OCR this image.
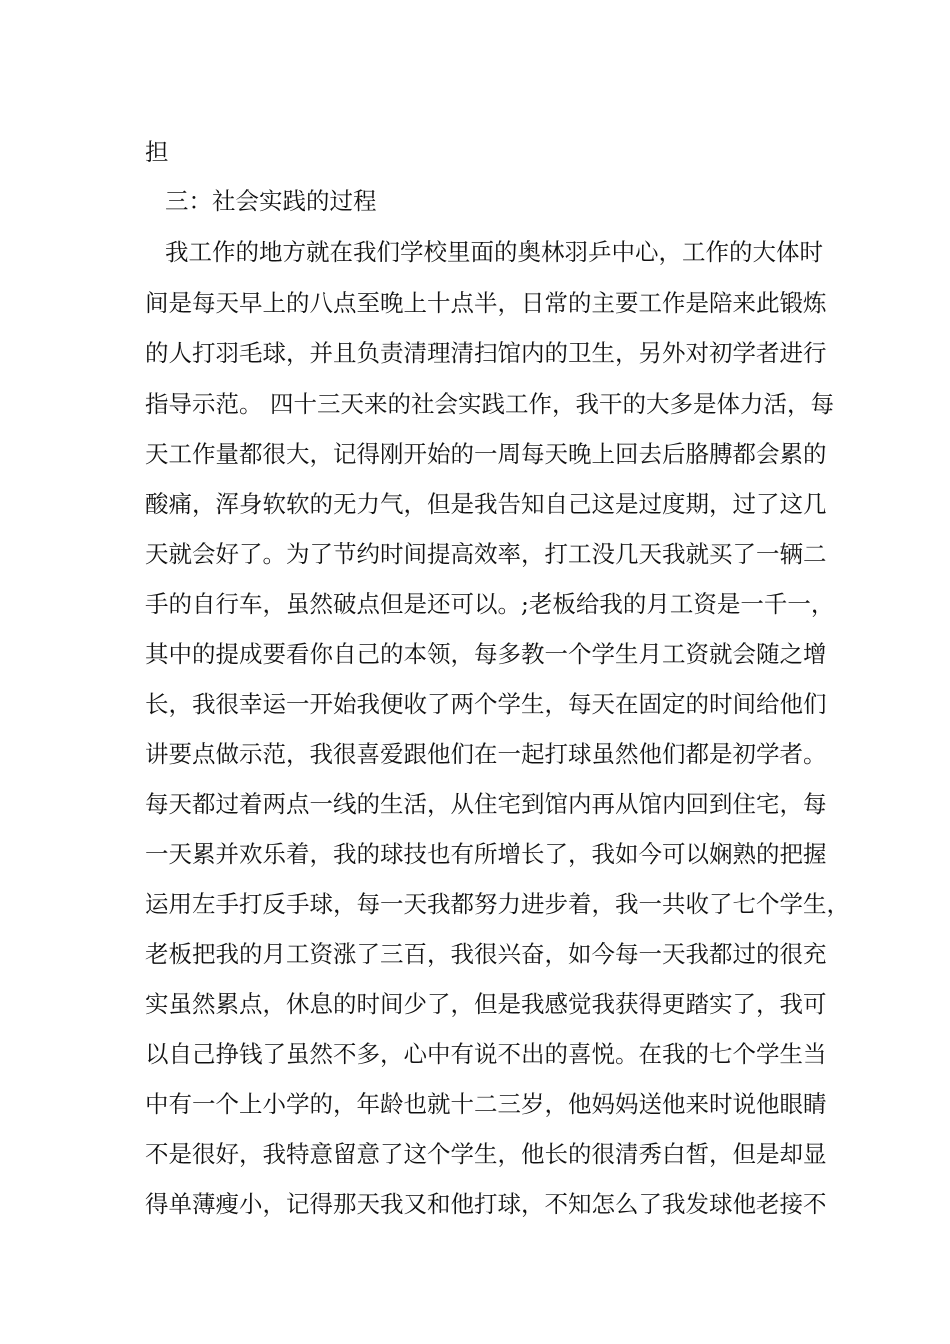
担
三：社会实践的过程
我工作的地方就在我们学校里面的奥林羽乒中心，工作的大体时
间是每天早上的八点至晚上十点半，日常的主要工作是陪来此锻炼
的人打羽毛球，并且负责清理清扫馆内的卫生，另外对初学者进行
指导示范。 四十三天来的社会实践工作，我干的大多是体力活，每
天工作量都很大，记得刚开始的一周每天晚上回去后胳膊都会累的
酸痛，浑身软软的无力气，但是我告知自己这是过度期，过了这几
天就会好了。为了节约时间提高效率，打工没几天我就买了一辆二
手的自行车，虽然破点但是还可以。;老板给我的月工资是一千一，
其中的提成要看你自己的本领，每多教一个学生月工资就会随之增
长，我很幸运一开始我便收了两个学生，每天在固定的时间给他们
讲要点做示范，我很喜爱跟他们在一起打球虽然他们都是初学者。
每天都过着两点一线的生活，从住宅到馆内再从馆内回到住宅，每
一天累并欢乐着，我的球技也有所增长了，我如今可以娴熟的把握
运用左手打反手球，每一天我都努力进步着，我一共收了七个学生，
老板把我的月工资涨了三百，我很兴奋，如今每一天我都过的很充
实虽然累点，休息的时间少了，但是我感觉我获得更踏实了，我可
以自己挣钱了虽然不多，心中有说不出的喜悦。在我的七个学生当
中有一个上小学的，年龄也就十二三岁，他妈妈送他来时说他眼睛
不是很好，我特意留意了这个学生，他长的很清秀白皙，但是却显
得单薄瘦小，记得那天我又和他打球，不知怎么了我发球他老接不
